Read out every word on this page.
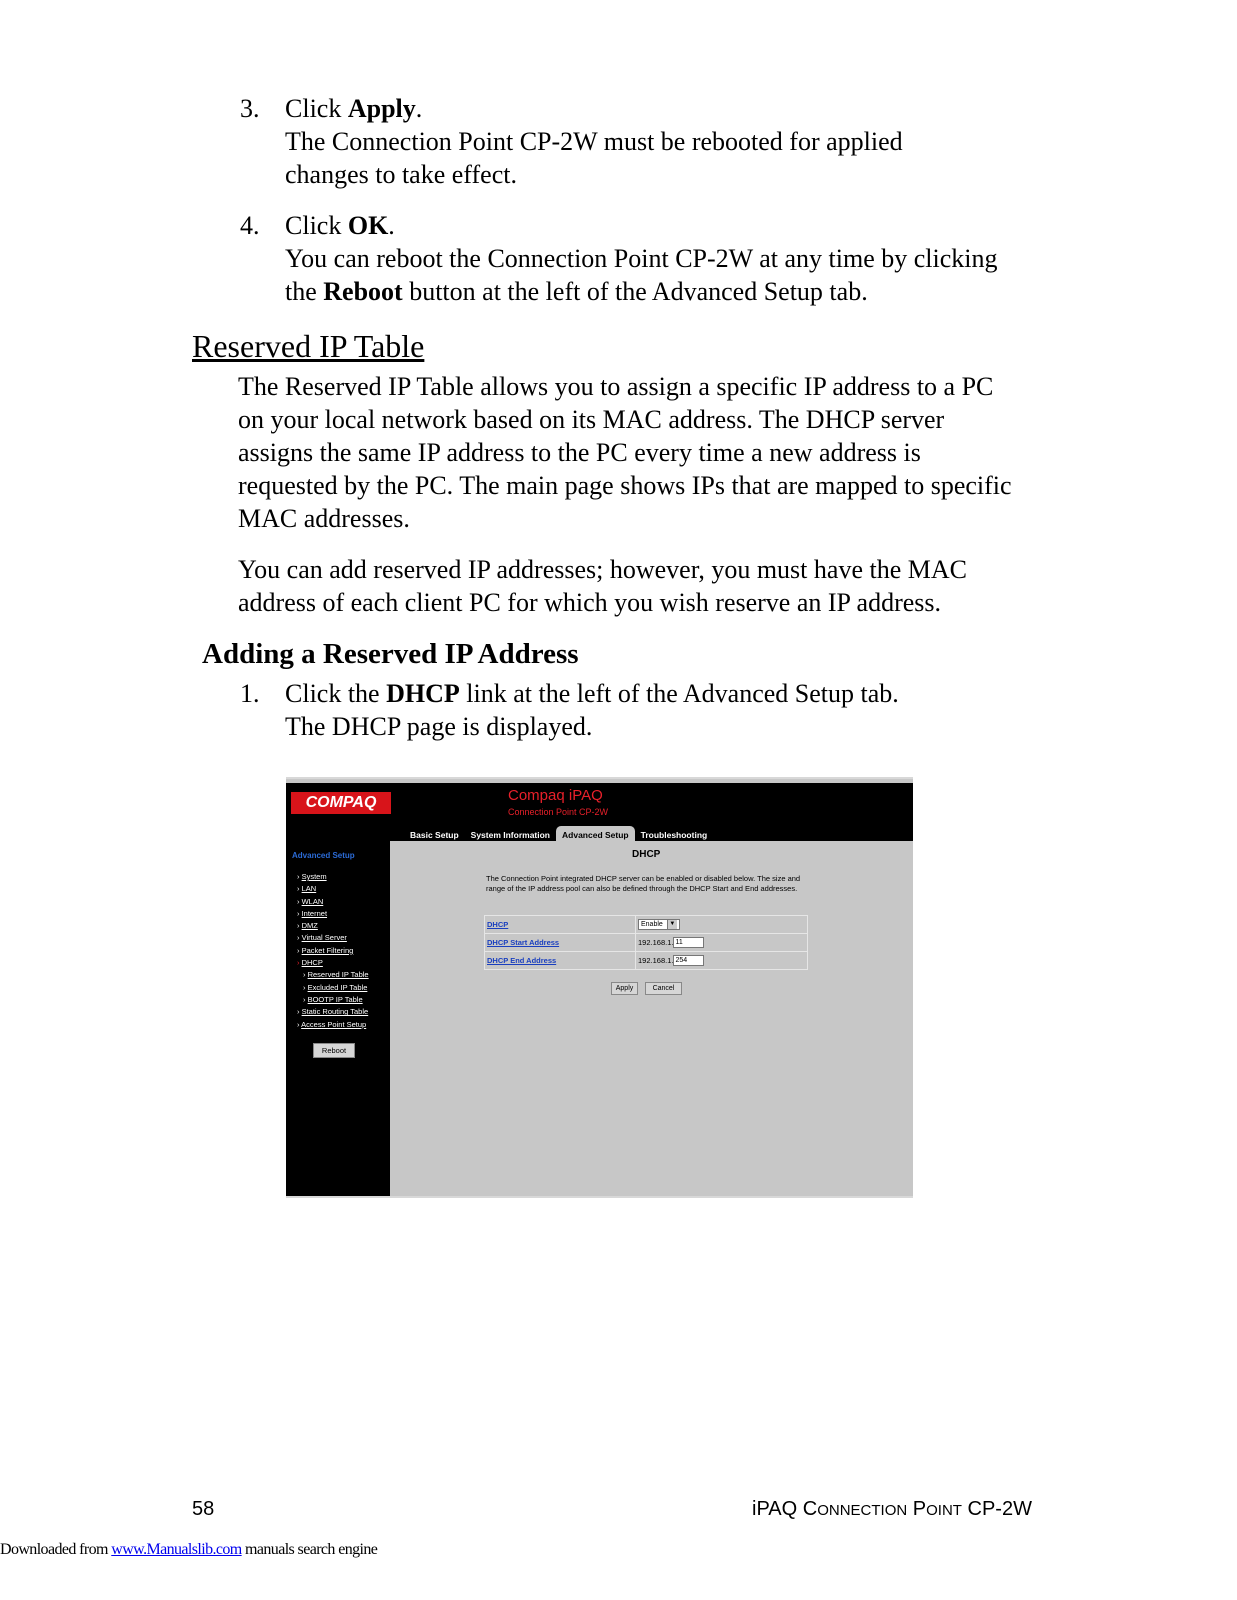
3. Click Apply.
The Connection Point CP-2W must be rebooted for applied changes to take effect.
4. Click OK.
You can reboot the Connection Point CP-2W at any time by clicking the Reboot button at the left of the Advanced Setup tab.
Reserved IP Table
The Reserved IP Table allows you to assign a specific IP address to a PC on your local network based on its MAC address. The DHCP server assigns the same IP address to the PC every time a new address is requested by the PC. The main page shows IPs that are mapped to specific MAC addresses.
You can add reserved IP addresses; however, you must have the MAC address of each client PC for which you wish reserve an IP address.
Adding a Reserved IP Address
1. Click the DHCP link at the left of the Advanced Setup tab.
The DHCP page is displayed.
COMPAQ	Compaq iPAQ
Connection Point CP-2W
Basic Setup	System Information	Advanced Setup	Troubleshooting
Advanced Setup
› System
› LAN
› WLAN
› Internet
› DMZ
› Virtual Server
› Packet Filtering
› DHCP
› Reserved IP Table
› Excluded IP Table
› BOOTP IP Table
› Static Routing Table
› Access Point Setup
Reboot
DHCP
The Connection Point integrated DHCP server can be enabled or disabled below. The size and range of the IP address pool can also be defined through the DHCP Start and End addresses.
DHCP	Enable	▼
DHCP Start Address	192.168.1. 11
DHCP End Address	192.168.1. 254
Apply	Cancel
58	iPAQ CONNECTION POINT CP-2W
Downloaded from www.Manualslib.com manuals search engine
